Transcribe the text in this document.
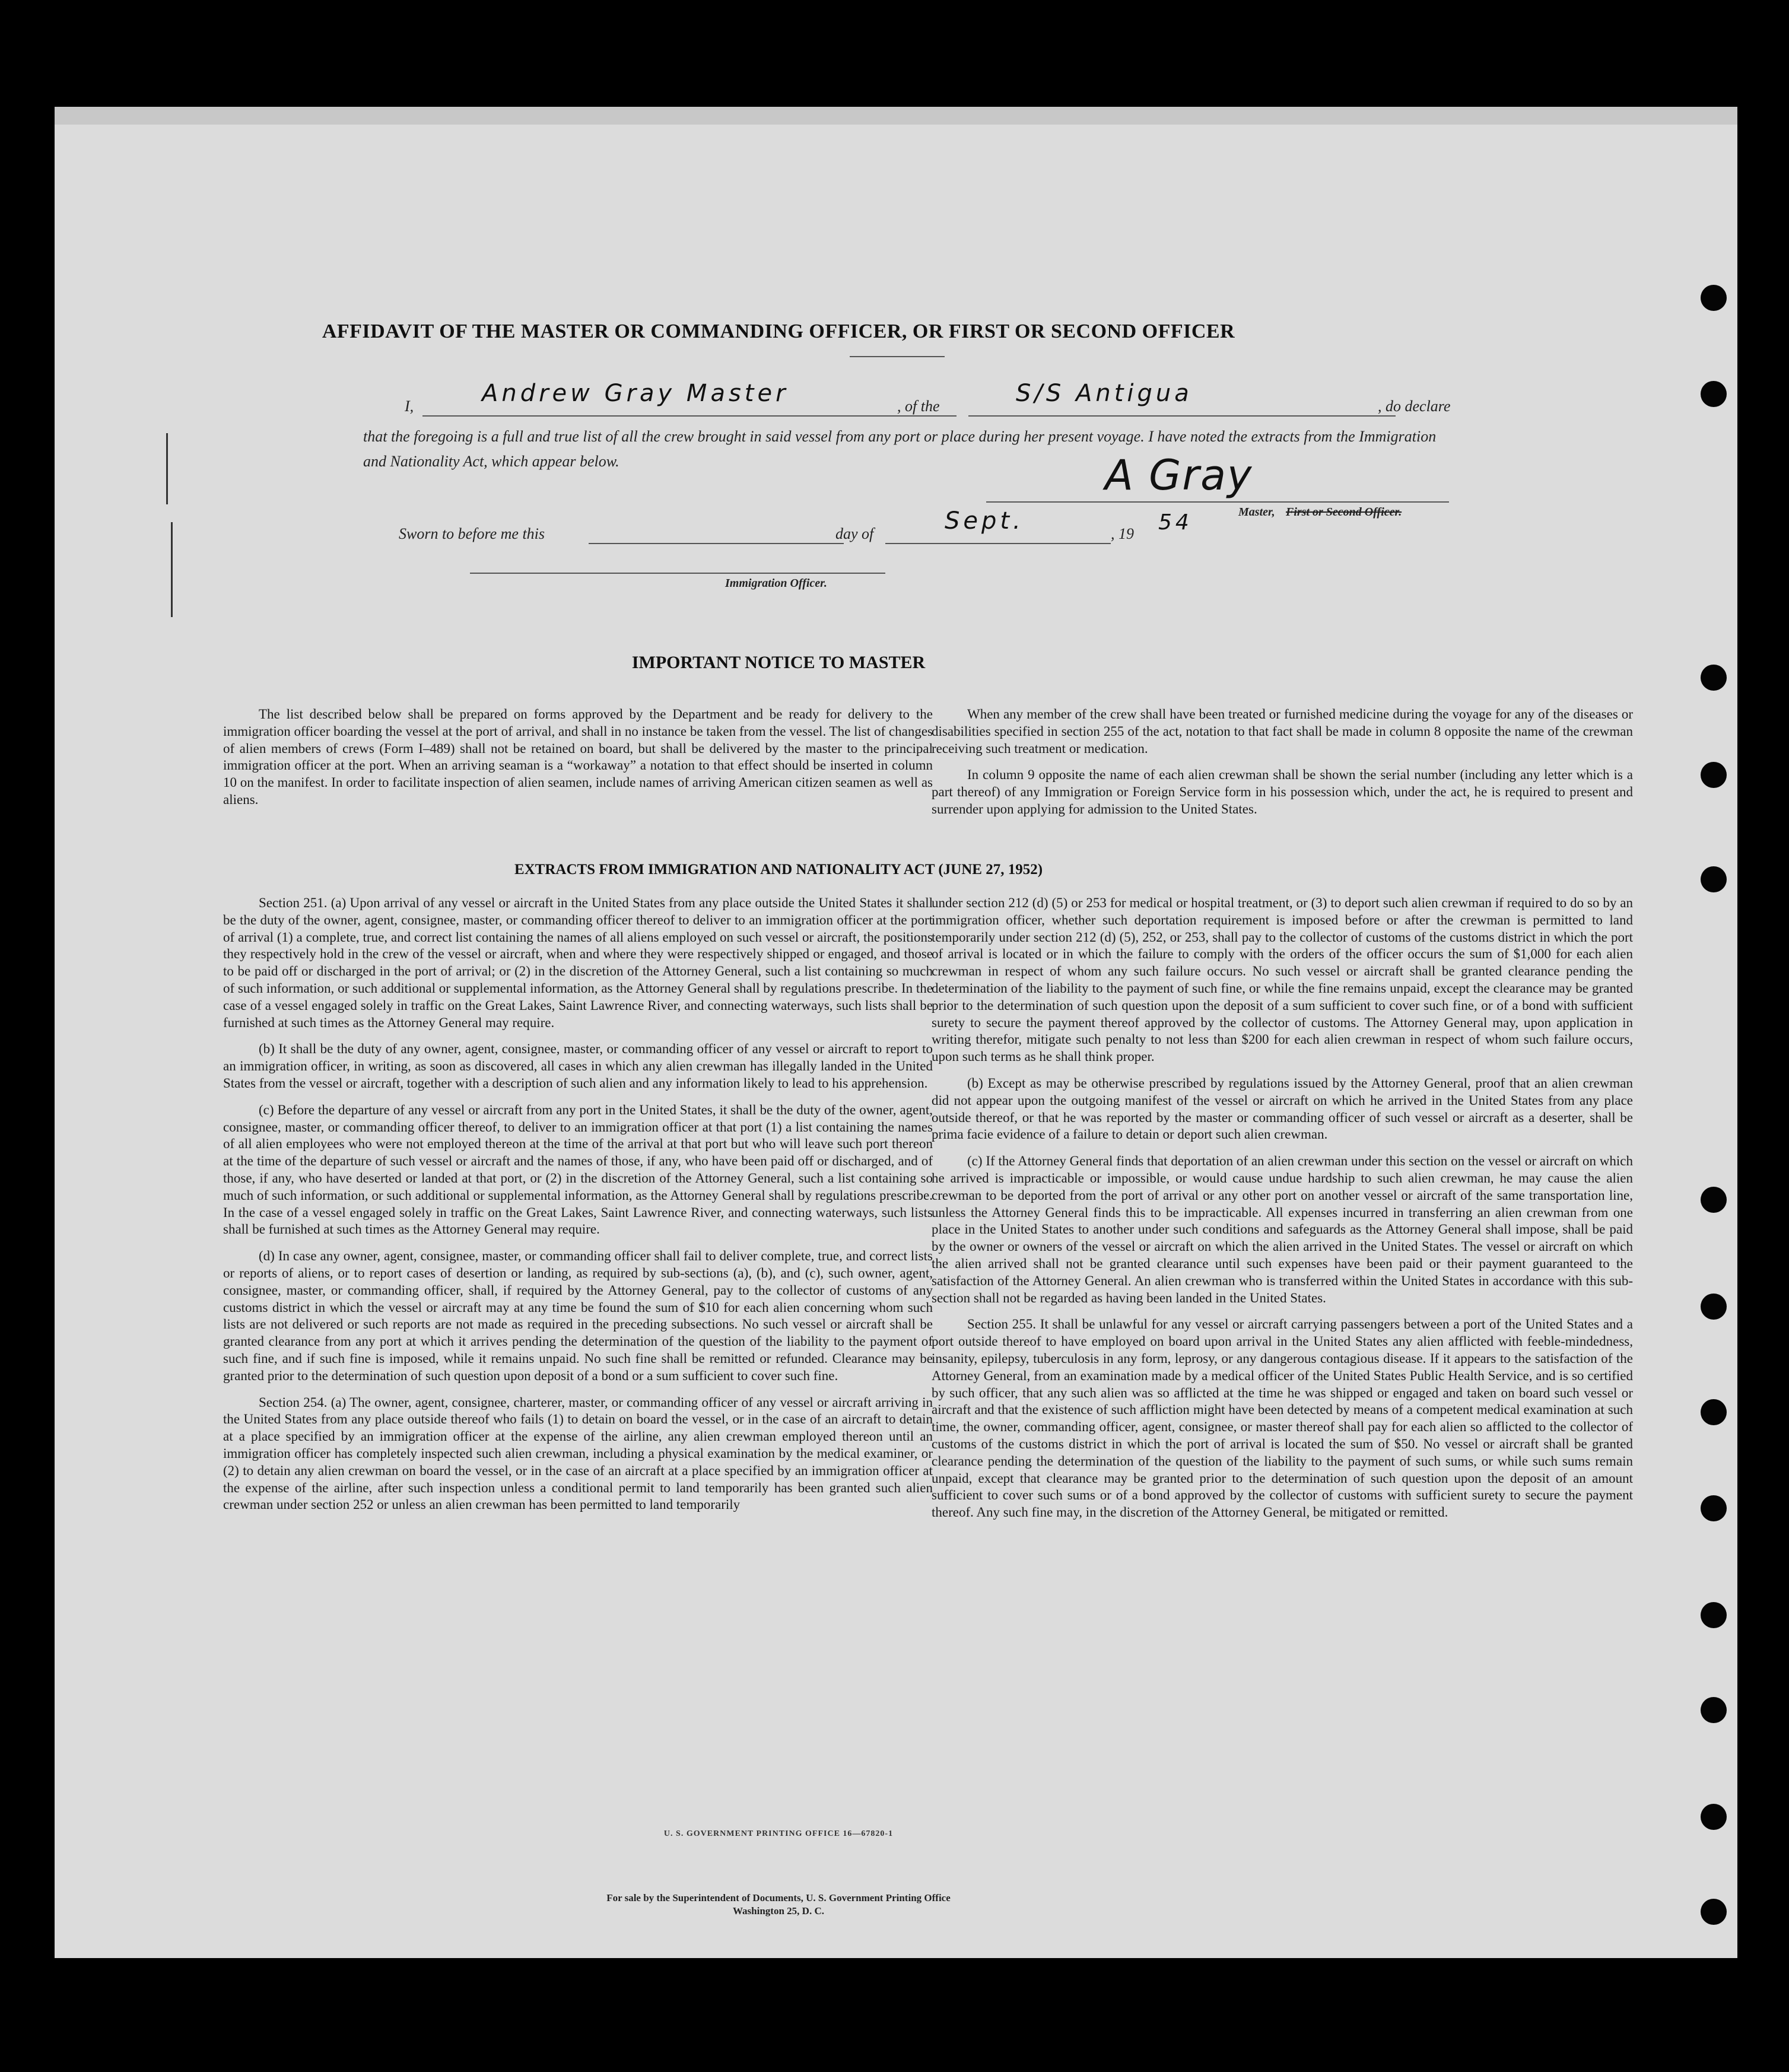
AFFIDAVIT OF THE MASTER OR COMMANDING OFFICER, OR FIRST OR SECOND OFFICER
I,	Andrew Gray Master	, of the	S/S Antigua	, do declare
that the foregoing is a full and true list of all the crew brought in said vessel from any port or place during her present voyage. I have noted the extracts from the Immigration and Nationality Act, which appear below.	A Gray
Master, First or Second Officer.
Sworn to before me this	day of	Sept.	, 19 54
Immigration Officer.
IMPORTANT NOTICE TO MASTER

The list described below shall be prepared on forms approved by the Department and be ready for delivery to the immigration officer boarding the vessel at the port of arrival, and shall in no instance be taken from the vessel. The list of changes of alien members of crews (Form I–489) shall not be retained on board, but shall be delivered by the master to the principal immigration officer at the port. When an arriving seaman is a “workaway” a notation to that effect should be inserted in column 10 on the manifest. In order to facilitate inspection of alien seamen, include names of arriving American citizen seamen as well as aliens.

When any member of the crew shall have been treated or furnished medicine during the voyage for any of the diseases or disabilities specified in section 255 of the act, notation to that fact shall be made in column 8 opposite the name of the crewman receiving such treatment or medication.

In column 9 opposite the name of each alien crewman shall be shown the serial number (including any letter which is a part thereof) of any Immigration or Foreign Service form in his possession which, under the act, he is required to present and surrender upon applying for admission to the United States.

EXTRACTS FROM IMMIGRATION AND NATIONALITY ACT (JUNE 27, 1952)

Section 251. (a) Upon arrival of any vessel or aircraft in the United States from any place outside the United States it shall be the duty of the owner, agent, consignee, master, or commanding officer thereof to deliver to an immigration officer at the port of arrival (1) a complete, true, and correct list containing the names of all aliens employed on such vessel or aircraft, the positions they respectively hold in the crew of the vessel or aircraft, when and where they were respectively shipped or engaged, and those to be paid off or discharged in the port of arrival; or (2) in the discretion of the Attorney General, such a list containing so much of such information, or such additional or supplemental information, as the Attorney General shall by regulations prescribe. In the case of a vessel engaged solely in traffic on the Great Lakes, Saint Lawrence River, and connecting waterways, such lists shall be furnished at such times as the Attorney General may require.

(b) It shall be the duty of any owner, agent, consignee, master, or commanding officer of any vessel or aircraft to report to an immigration officer, in writing, as soon as discovered, all cases in which any alien crewman has illegally landed in the United States from the vessel or aircraft, together with a description of such alien and any information likely to lead to his apprehension.

(c) Before the departure of any vessel or aircraft from any port in the United States, it shall be the duty of the owner, agent, consignee, master, or commanding officer thereof, to deliver to an immigration officer at that port (1) a list containing the names of all alien employees who were not employed thereon at the time of the arrival at that port but who will leave such port thereon at the time of the departure of such vessel or aircraft and the names of those, if any, who have been paid off or discharged, and of those, if any, who have deserted or landed at that port, or (2) in the discretion of the Attorney General, such a list containing so much of such information, or such additional or supplemental information, as the Attorney General shall by regulations prescribe. In the case of a vessel engaged solely in traffic on the Great Lakes, Saint Lawrence River, and connecting waterways, such lists shall be furnished at such times as the Attorney General may require.

(d) In case any owner, agent, consignee, master, or commanding officer shall fail to deliver complete, true, and correct lists or reports of aliens, or to report cases of desertion or landing, as required by sub-sections (a), (b), and (c), such owner, agent, consignee, master, or commanding officer, shall, if required by the Attorney General, pay to the collector of customs of any customs district in which the vessel or aircraft may at any time be found the sum of $10 for each alien concerning whom such lists are not delivered or such reports are not made as required in the preceding subsections. No such vessel or aircraft shall be granted clearance from any port at which it arrives pending the determination of the question of the liability to the payment of such fine, and if such fine is imposed, while it remains unpaid. No such fine shall be remitted or refunded. Clearance may be granted prior to the determination of such question upon deposit of a bond or a sum sufficient to cover such fine.

Section 254. (a) The owner, agent, consignee, charterer, master, or commanding officer of any vessel or aircraft arriving in the United States from any place outside thereof who fails (1) to detain on board the vessel, or in the case of an aircraft to detain at a place specified by an immigration officer at the expense of the airline, any alien crewman employed thereon until an immigration officer has completely inspected such alien crewman, including a physical examination by the medical examiner, or (2) to detain any alien crewman on board the vessel, or in the case of an aircraft at a place specified by an immigration officer at the expense of the airline, after such inspection unless a conditional permit to land temporarily has been granted such alien crewman under section 252 or unless an alien crewman has been permitted to land temporarily

under section 212 (d) (5) or 253 for medical or hospital treatment, or (3) to deport such alien crewman if required to do so by an immigration officer, whether such deportation requirement is imposed before or after the crewman is permitted to land temporarily under section 212 (d) (5), 252, or 253, shall pay to the collector of customs of the customs district in which the port of arrival is located or in which the failure to comply with the orders of the officer occurs the sum of $1,000 for each alien crewman in respect of whom any such failure occurs. No such vessel or aircraft shall be granted clearance pending the determination of the liability to the payment of such fine, or while the fine remains unpaid, except the clearance may be granted prior to the determination of such question upon the deposit of a sum sufficient to cover such fine, or of a bond with sufficient surety to secure the payment thereof approved by the collector of customs. The Attorney General may, upon application in writing therefor, mitigate such penalty to not less than $200 for each alien crewman in respect of whom such failure occurs, upon such terms as he shall think proper.

(b) Except as may be otherwise prescribed by regulations issued by the Attorney General, proof that an alien crewman did not appear upon the outgoing manifest of the vessel or aircraft on which he arrived in the United States from any place outside thereof, or that he was reported by the master or commanding officer of such vessel or aircraft as a deserter, shall be prima facie evidence of a failure to detain or deport such alien crewman.

(c) If the Attorney General finds that deportation of an alien crewman under this section on the vessel or aircraft on which he arrived is impracticable or impossible, or would cause undue hardship to such alien crewman, he may cause the alien crewman to be deported from the port of arrival or any other port on another vessel or aircraft of the same transportation line, unless the Attorney General finds this to be impracticable. All expenses incurred in transferring an alien crewman from one place in the United States to another under such conditions and safeguards as the Attorney General shall impose, shall be paid by the owner or owners of the vessel or aircraft on which the alien arrived in the United States. The vessel or aircraft on which the alien arrived shall not be granted clearance until such expenses have been paid or their payment guaranteed to the satisfaction of the Attorney General. An alien crewman who is transferred within the United States in accordance with this sub-section shall not be regarded as having been landed in the United States.

Section 255. It shall be unlawful for any vessel or aircraft carrying passengers between a port of the United States and a port outside thereof to have employed on board upon arrival in the United States any alien afflicted with feeble-mindedness, insanity, epilepsy, tuberculosis in any form, leprosy, or any dangerous contagious disease. If it appears to the satisfaction of the Attorney General, from an examination made by a medical officer of the United States Public Health Service, and is so certified by such officer, that any such alien was so afflicted at the time he was shipped or engaged and taken on board such vessel or aircraft and that the existence of such affliction might have been detected by means of a competent medical examination at such time, the owner, commanding officer, agent, consignee, or master thereof shall pay for each alien so afflicted to the collector of customs of the customs district in which the port of arrival is located the sum of $50. No vessel or aircraft shall be granted clearance pending the determination of the question of the liability to the payment of such sums, or while such sums remain unpaid, except that clearance may be granted prior to the determination of such question upon the deposit of an amount sufficient to cover such sums or of a bond approved by the collector of customs with sufficient surety to secure the payment thereof. Any such fine may, in the discretion of the Attorney General, be mitigated or remitted.

U. S. GOVERNMENT PRINTING OFFICE 16—67820-1
For sale by the Superintendent of Documents, U. S. Government Printing Office
Washington 25, D. C.
